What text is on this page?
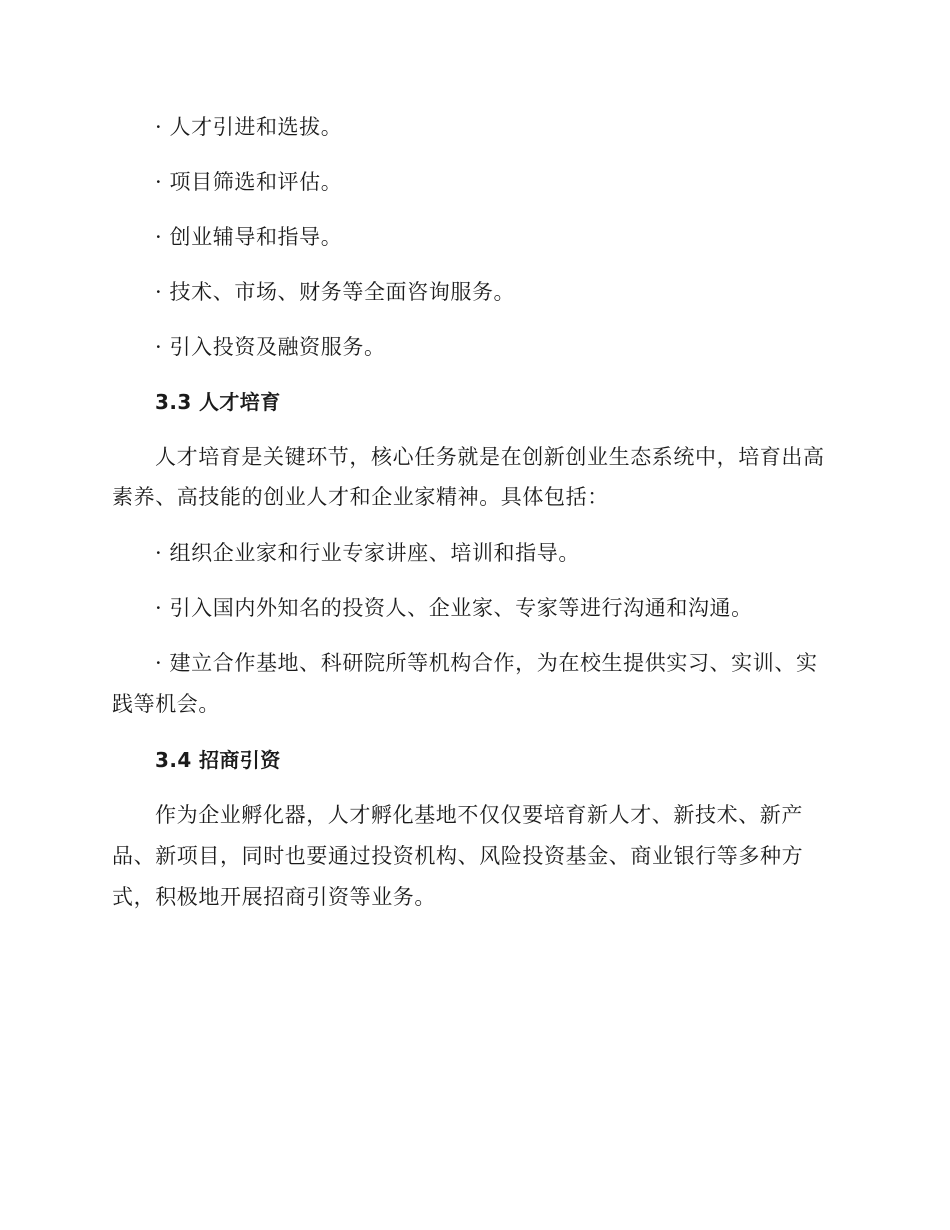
· 人才引进和选拔。
· 项目筛选和评估。
· 创业辅导和指导。
· 技术、市场、财务等全面咨询服务。
· 引入投资及融资服务。
3.3 人才培育
人才培育是关键环节，核心任务就是在创新创业生态系统中，培育出高
素养、高技能的创业人才和企业家精神。具体包括：
· 组织企业家和行业专家讲座、培训和指导。
· 引入国内外知名的投资人、企业家、专家等进行沟通和沟通。
· 建立合作基地、科研院所等机构合作，为在校生提供实习、实训、实
践等机会。
3.4 招商引资
作为企业孵化器，人才孵化基地不仅仅要培育新人才、新技术、新产
品、新项目，同时也要通过投资机构、风险投资基金、商业银行等多种方
式，积极地开展招商引资等业务。
